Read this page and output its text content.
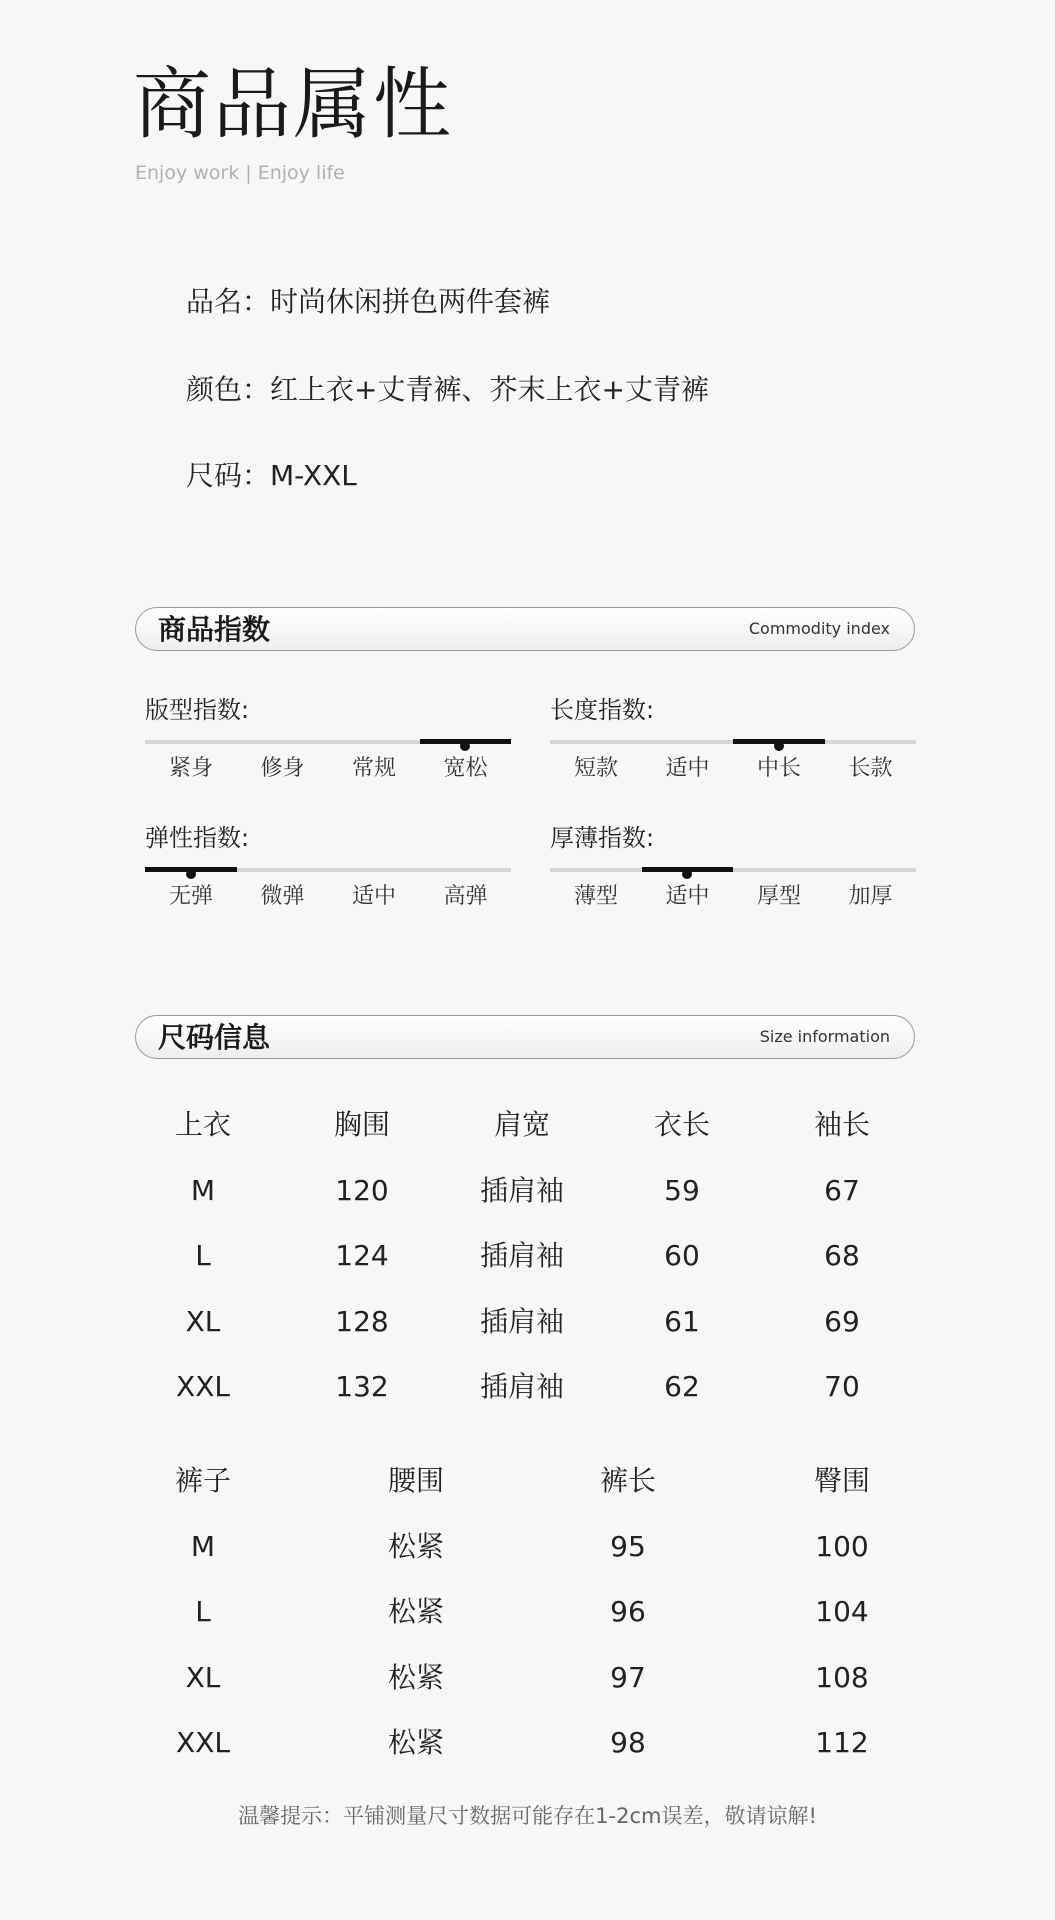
商品属性
Enjoy work | Enjoy life
品名：时尚休闲拼色两件套裤
颜色：红上衣+丈青裤、芥末上衣+丈青裤
尺码：M-XXL
商品指数	Commodity index
版型指数:
紧身	修身	常规	宽松
长度指数:
短款	适中	中长	长款
弹性指数:
无弹	微弹	适中	高弹
厚薄指数:
薄型	适中	厚型	加厚
尺码信息	Size information
上衣	胸围	肩宽	衣长	袖长
M	120	插肩袖	59	67
L	124	插肩袖	60	68
XL	128	插肩袖	61	69
XXL	132	插肩袖	62	70
裤子	腰围	裤长	臀围
M	松紧	95	100
L	松紧	96	104
XL	松紧	97	108
XXL	松紧	98	112
温馨提示：平铺测量尺寸数据可能存在1-2cm误差，敬请谅解!
